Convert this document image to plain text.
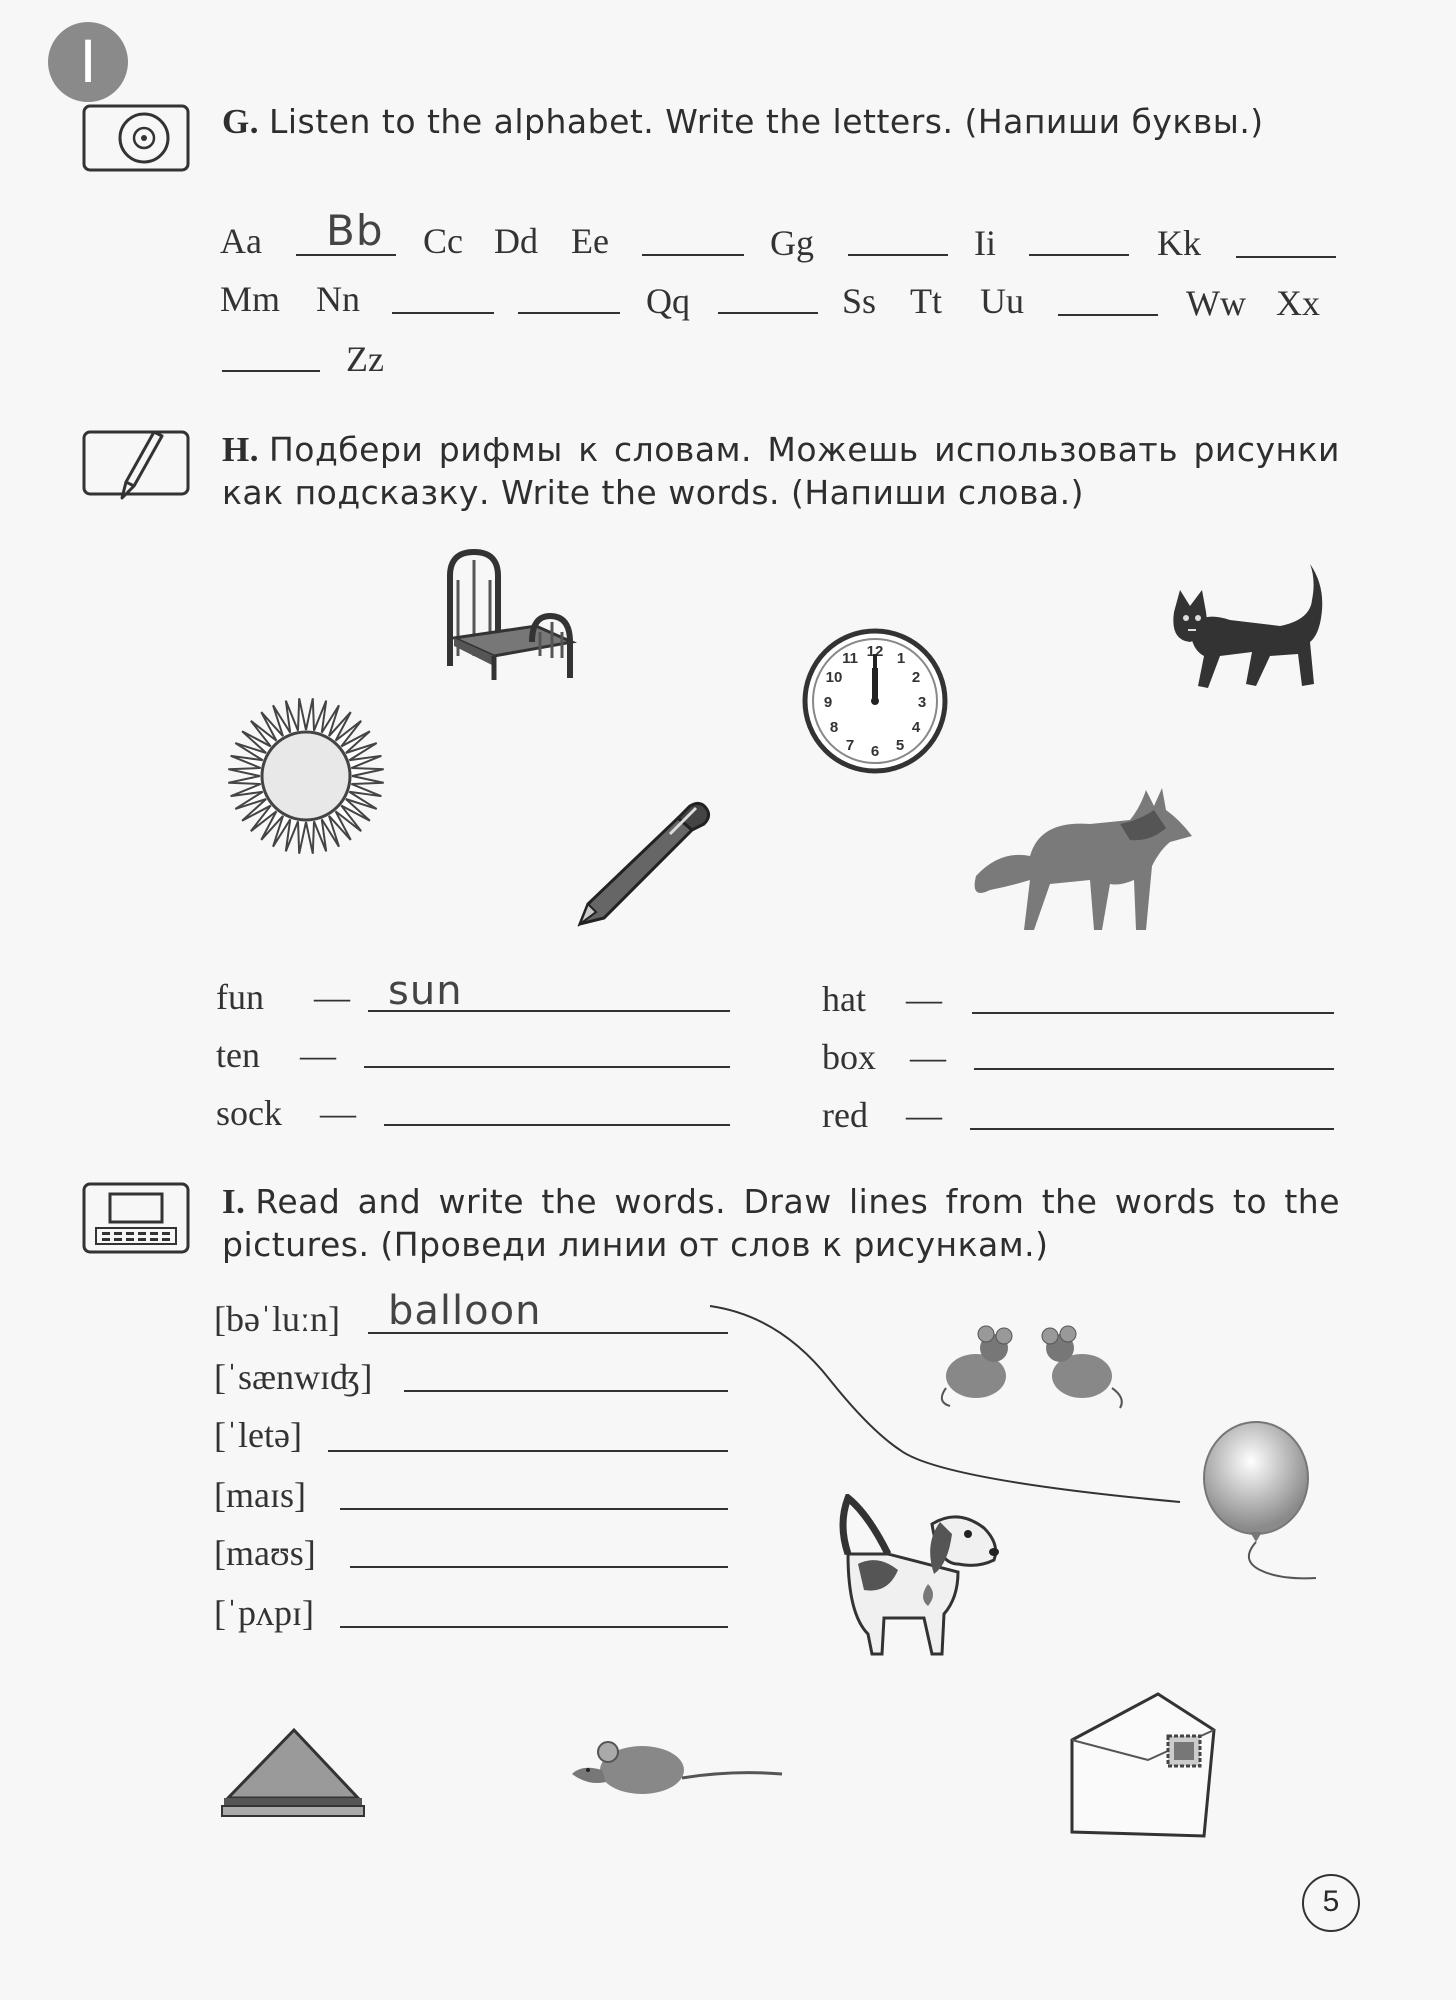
I
G. Listen to the alphabet. Write the letters. (Напиши буквы.)
Aa Bb Cc Dd Ee	Gg	Ii	Kk
Mm Nn	Qq	Ss Tt Uu	Ww Xx
Zz
H. Подбери рифмы к словам. Можешь использовать рисунки как подсказку. Write the words. (Напиши слова.)
12 1
2
3
4
5
6
7
8
9
10
11
fun — sun
ten —
sock —
hat —
box —
red —
I. Read and write the words. Draw lines from the words to the pictures. (Проведи линии от слов к рисункам.)
[bəˈluːn] balloon
[ˈsænwɪʤ]
[ˈletə]
[maɪs]
[maʊs]
[ˈpʌpɪ]
5
